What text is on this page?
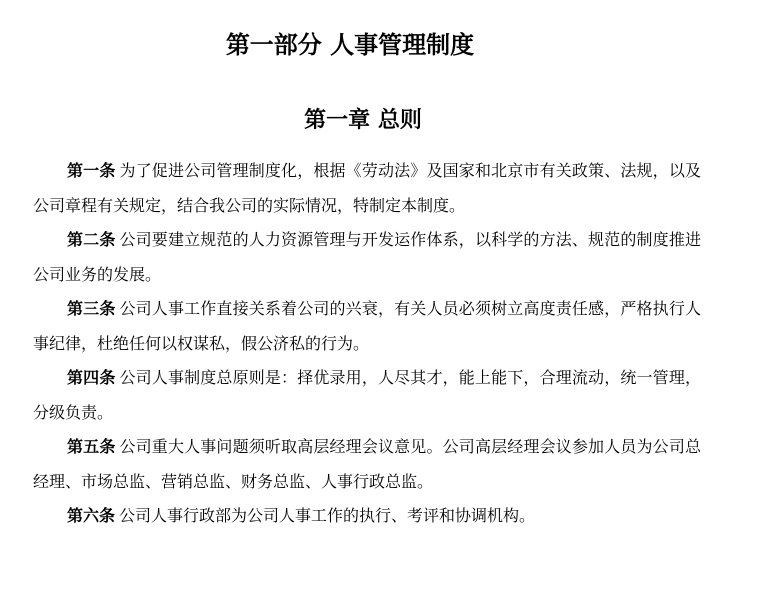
第一部分 人事管理制度
第一章 总则

第一条 为了促进公司管理制度化，根据《劳动法》及国家和北京市有关政策、法规，以及公司章程有关规定，结合我公司的实际情况，特制定本制度。

第二条 公司要建立规范的人力资源管理与开发运作体系，以科学的方法、规范的制度推进公司业务的发展。

第三条 公司人事工作直接关系着公司的兴衰，有关人员必须树立高度责任感，严格执行人事纪律，杜绝任何以权谋私，假公济私的行为。

第四条 公司人事制度总原则是：择优录用，人尽其才，能上能下，合理流动，统一管理，分级负责。

第五条 公司重大人事问题须听取高层经理会议意见。公司高层经理会议参加人员为公司总经理、市场总监、营销总监、财务总监、人事行政总监。

第六条 公司人事行政部为公司人事工作的执行、考评和协调机构。
